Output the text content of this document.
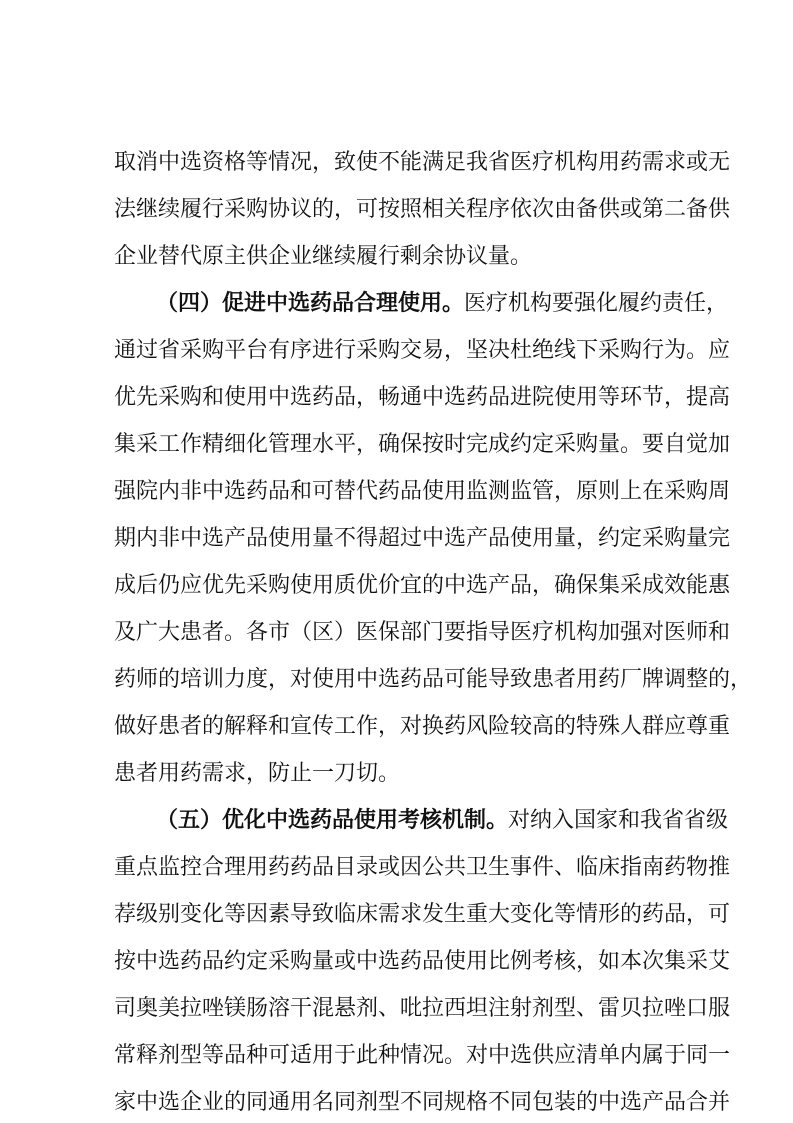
取消中选资格等情况，致使不能满足我省医疗机构用药需求或无
法继续履行采购协议的，可按照相关程序依次由备供或第二备供
企业替代原主供企业继续履行剩余协议量。
（四）促进中选药品合理使用。医疗机构要强化履约责任，
通过省采购平台有序进行采购交易，坚决杜绝线下采购行为。应
优先采购和使用中选药品，畅通中选药品进院使用等环节，提高
集采工作精细化管理水平，确保按时完成约定采购量。要自觉加
强院内非中选药品和可替代药品使用监测监管，原则上在采购周
期内非中选产品使用量不得超过中选产品使用量，约定采购量完
成后仍应优先采购使用质优价宜的中选产品，确保集采成效能惠
及广大患者。各市（区）医保部门要指导医疗机构加强对医师和
药师的培训力度，对使用中选药品可能导致患者用药厂牌调整的，
做好患者的解释和宣传工作，对换药风险较高的特殊人群应尊重
患者用药需求，防止一刀切。
（五）优化中选药品使用考核机制。对纳入国家和我省省级
重点监控合理用药药品目录或因公共卫生事件、临床指南药物推
荐级别变化等因素导致临床需求发生重大变化等情形的药品，可
按中选药品约定采购量或中选药品使用比例考核，如本次集采艾
司奥美拉唑镁肠溶干混悬剂、吡拉西坦注射剂型、雷贝拉唑口服
常释剂型等品种可适用于此种情况。对中选供应清单内属于同一
家中选企业的同通用名同剂型不同规格不同包装的中选产品合并
